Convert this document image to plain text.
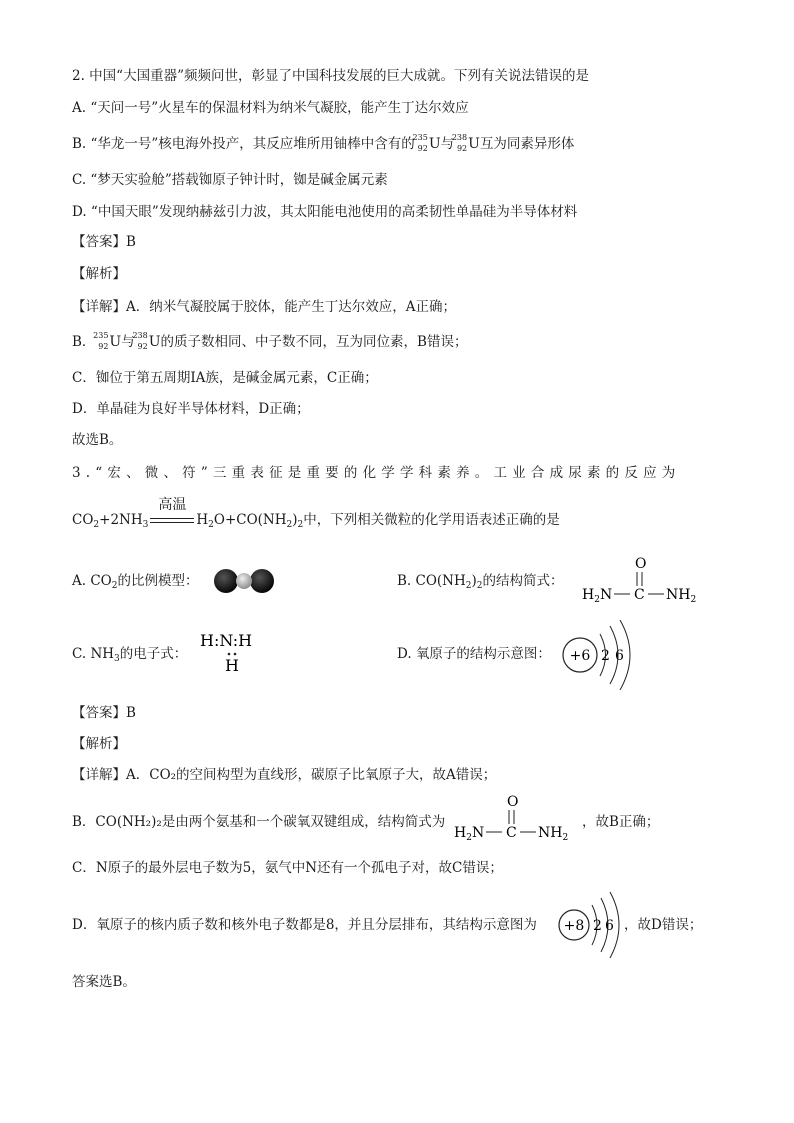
2. 中国“大国重器”频频问世，彰显了中国科技发展的巨大成就。下列有关说法错误的是
A. “天问一号”火星车的保温材料为纳米气凝胶，能产生丁达尔效应
B. “华龙一号”核电海外投产，其反应堆所用铀棒中含有的
235
92 U与
238
92 U互为同素异形体
C. “梦天实验舱”搭载铷原子钟计时，铷是碱金属元素
D. “中国天眼”发现纳赫兹引力波，其太阳能电池使用的高柔韧性单晶硅为半导体材料
【答案】B
【解析】
【详解】A．纳米气凝胶属于胶体，能产生丁达尔效应，A正确；
B．
235
92 U与
238
92 U的质子数相同、中子数不同，互为同位素，B错误；
C．铷位于第五周期IA族，是碱金属元素，C正确；
D．单晶硅为良好半导体材料，D正确；
故选B。
3.“宏、微、符”三重表征是重要的化学学科素养。工业合成尿素的反应为
$CO_2+2NH_3$
高温
$H_2O+CO(NH_2)_2$中，下列相关微粒的化学用语表述正确的是
A. $CO_2$的比例模型：	B. $CO(NH_2)_2$的结构简式：
O
$H_2N$ C $NH_2$
C. $NH_3$的电子式：
H:N:H
H
D. 氧原子的结构示意图： +6 2 6
【答案】B
【解析】
【详解】A．CO₂的空间构型为直线形，碳原子比氧原子大，故A错误；
B．CO(NH₂)₂是由两个氨基和一个碳氧双键组成，结构简式为
O
$H_2N$ C $NH_2$
，故B正确；
C．N原子的最外层电子数为5，氨气中N还有一个孤电子对，故C错误；
D．氧原子的核内质子数和核外电子数都是8，并且分层排布，其结构示意图为 +8 2 6 ，故D错误；
答案选B。
